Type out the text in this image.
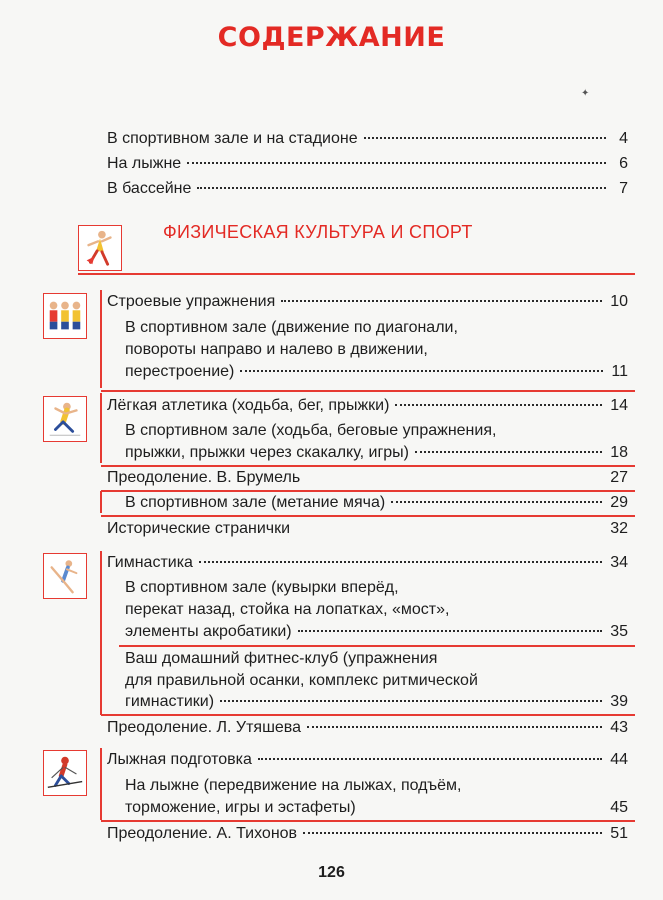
СОДЕРЖАНИЕ
✦
В спортивном зале и на стадионе	4
На лыжне	6
В бассейне	7
ФИЗИЧЕСКАЯ КУЛЬТУРА И СПОРТ
Строевые упражнения	10
В спортивном зале (движение по диагонали,
повороты направо и налево в движении,
перестроение)	11
Лёгкая атлетика (ходьба, бег, прыжки)	14
В спортивном зале (ходьба, беговые упражнения,
прыжки, прыжки через скакалку, игры)	18
Преодоление. В. Брумель	27
В спортивном зале (метание мяча)	29
Исторические странички	32
Гимнастика	34
В спортивном зале (кувырки вперёд,
перекат назад, стойка на лопатках, «мост»,
элементы акробатики)	35
Ваш домашний фитнес-клуб (упражнения
для правильной осанки, комплекс ритмической
гимнастики)	39
Преодоление. Л. Утяшева	43
Лыжная подготовка	44
На лыжне (передвижение на лыжах, подъём,
торможение, игры и эстафеты)	45
Преодоление. А. Тихонов	51
126
